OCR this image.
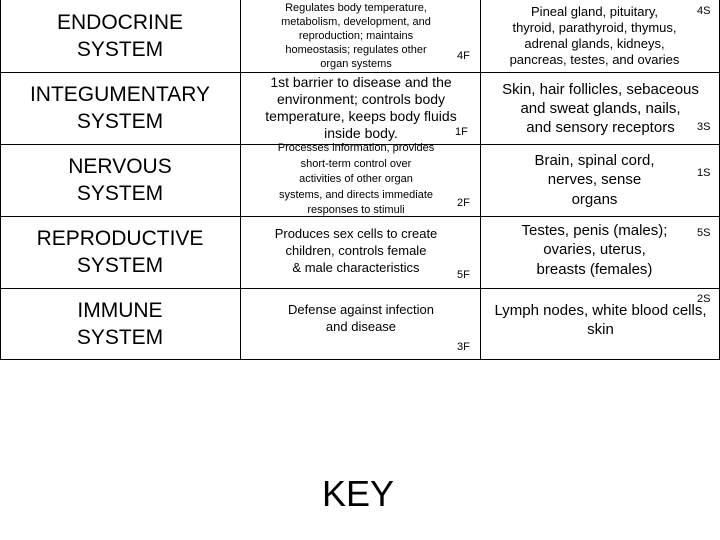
ENDOCRINE
SYSTEM
Regulates body temperature,
metabolism, development, and
reproduction; maintains
homeostasis; regulates other
organ systems
4F
Pineal gland, pituitary,
thyroid, parathyroid, thymus,
adrenal glands, kidneys,
pancreas, testes, and ovaries
4S
INTEGUMENTARY
SYSTEM
1st barrier to disease and the
environment; controls body
temperature, keeps body fluids
inside body.	1F
Skin, hair follicles, sebaceous
and sweat glands, nails,
and sensory receptors	3S
NERVOUS
SYSTEM
Processes information, provides
short-term control over
activities of other organ
systems, and directs immediate
responses to stimuli
2F
Brain, spinal cord,
nerves, sense
organs
1S
REPRODUCTIVE
SYSTEM
Produces sex cells to create
children, controls female
& male characteristics
5F
Testes, penis (males);
ovaries, uterus,
breasts (females)
5S
IMMUNE
SYSTEM
Defense against infection
and disease
3F
Lymph nodes, white blood cells,
skin
2S
KEY
